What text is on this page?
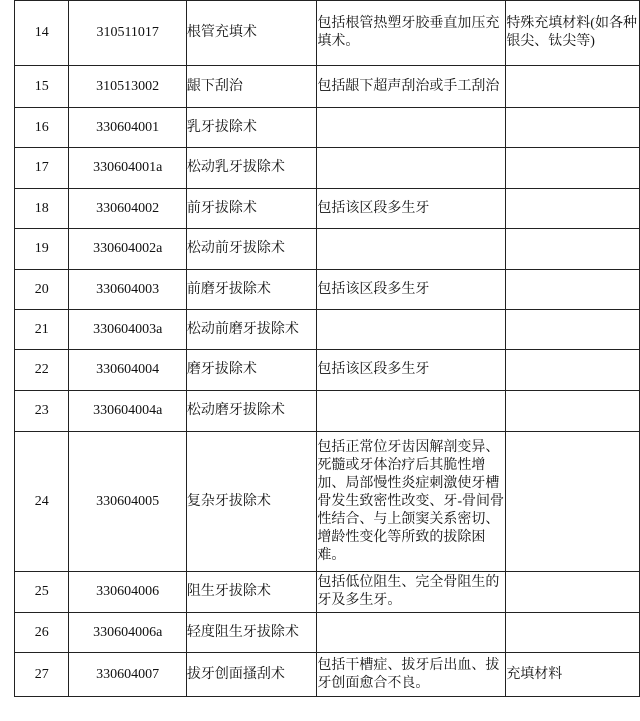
14	310511017	根管充填术	包括根管热塑牙胶垂直加压充填术。	特殊充填材料(如各种银尖、钛尖等)
15	310513002	龈下刮治	包括龈下超声刮治或手工刮治	
16	330604001	乳牙拔除术		
17	330604001a	松动乳牙拔除术		
18	330604002	前牙拔除术	包括该区段多生牙	
19	330604002a	松动前牙拔除术		
20	330604003	前磨牙拔除术	包括该区段多生牙	
21	330604003a	松动前磨牙拔除术		
22	330604004	磨牙拔除术	包括该区段多生牙	
23	330604004a	松动磨牙拔除术		
24	330604005	复杂牙拔除术	包括正常位牙齿因解剖变异、死髓或牙体治疗后其脆性增加、局部慢性炎症刺激使牙槽骨发生致密性改变、牙-骨间骨性结合、与上颌窦关系密切、增龄性变化等所致的拔除困难。	
25	330604006	阻生牙拔除术	包括低位阻生、完全骨阻生的牙及多生牙。	
26	330604006a	轻度阻生牙拔除术		
27	330604007	拔牙创面搔刮术	包括干槽症、拔牙后出血、拔牙创面愈合不良。	充填材料
